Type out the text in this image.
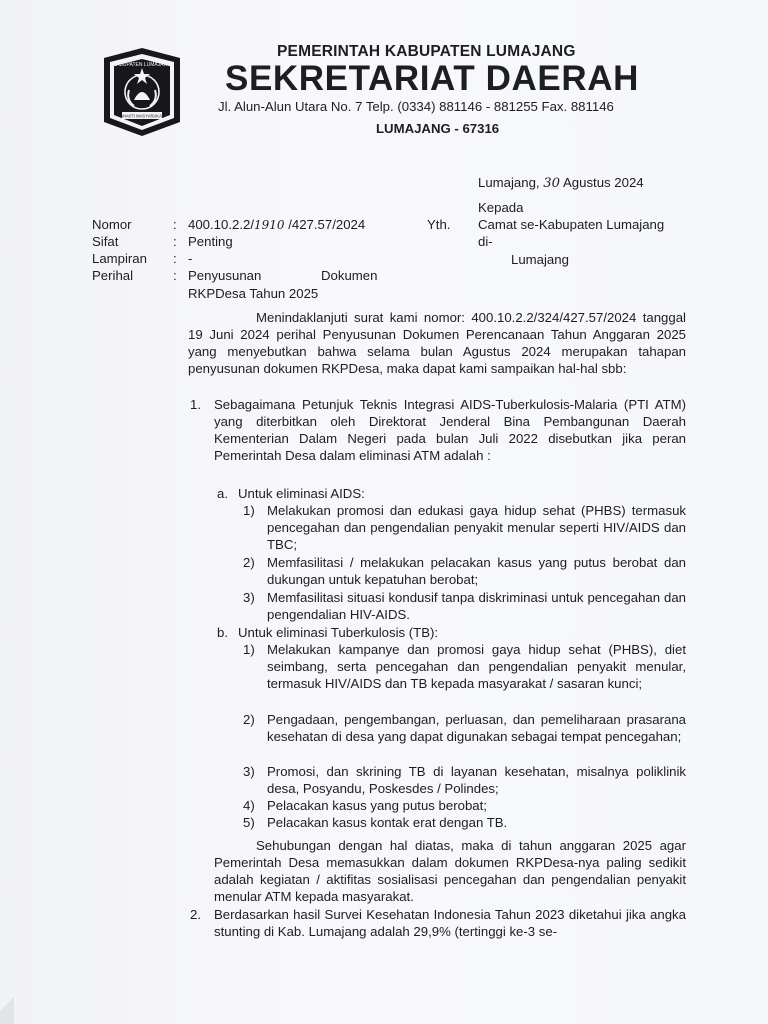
KABUPATEN LUMAJANG
BHAKTI MASYARAKAT
PEMERINTAH KABUPATEN LUMAJANG
SEKRETARIAT DAERAH
Jl. Alun-Alun Utara No. 7 Telp. (0334) 881146 - 881255 Fax. 881146
LUMAJANG - 67316
Lumajang, 30 Agustus 2024
Kepada
Yth. Camat se-Kabupaten Lumajang
di-
Lumajang
Nomor	: 400.10.2.2/1910 /427.57/2024
Sifat	: Penting
Lampiran : -
Perihal	: Penyusunan	Dokumen
RKPDesa Tahun 2025
Menindaklanjuti surat kami nomor: 400.10.2.2/324/427.57/2024 tanggal 19 Juni 2024 perihal Penyusunan Dokumen Perencanaan Tahun Anggaran 2025 yang menyebutkan bahwa selama bulan Agustus 2024 merupakan tahapan penyusunan dokumen RKPDesa, maka dapat kami sampaikan hal-hal sbb:
1. Sebagaimana Petunjuk Teknis Integrasi AIDS-Tuberkulosis-Malaria (PTI ATM) yang diterbitkan oleh Direktorat Jenderal Bina Pembangunan Daerah Kementerian Dalam Negeri pada bulan Juli 2022 disebutkan jika peran Pemerintah Desa dalam eliminasi ATM adalah :
a. Untuk eliminasi AIDS:
1) Melakukan promosi dan edukasi gaya hidup sehat (PHBS) termasuk pencegahan dan pengendalian penyakit menular seperti HIV/AIDS dan TBC;
2) Memfasilitasi / melakukan pelacakan kasus yang putus berobat dan dukungan untuk kepatuhan berobat;
3) Memfasilitasi situasi kondusif tanpa diskriminasi untuk pencegahan dan pengendalian HIV-AIDS.
b. Untuk eliminasi Tuberkulosis (TB):
1) Melakukan kampanye dan promosi gaya hidup sehat (PHBS), diet seimbang, serta pencegahan dan pengendalian penyakit menular, termasuk HIV/AIDS dan TB kepada masyarakat / sasaran kunci;
2) Pengadaan, pengembangan, perluasan, dan pemeliharaan prasarana kesehatan di desa yang dapat digunakan sebagai tempat pencegahan;
3) Promosi, dan skrining TB di layanan kesehatan, misalnya poliklinik desa, Posyandu, Poskesdes / Polindes;
4) Pelacakan kasus yang putus berobat;
5) Pelacakan kasus kontak erat dengan TB.
Sehubungan dengan hal diatas, maka di tahun anggaran 2025 agar Pemerintah Desa memasukkan dalam dokumen RKPDesa-nya paling sedikit adalah kegiatan / aktifitas sosialisasi pencegahan dan pengendalian penyakit menular ATM kepada masyarakat.
2. Berdasarkan hasil Survei Kesehatan Indonesia Tahun 2023 diketahui jika angka stunting di Kab. Lumajang adalah 29,9% (tertinggi ke-3 se-
